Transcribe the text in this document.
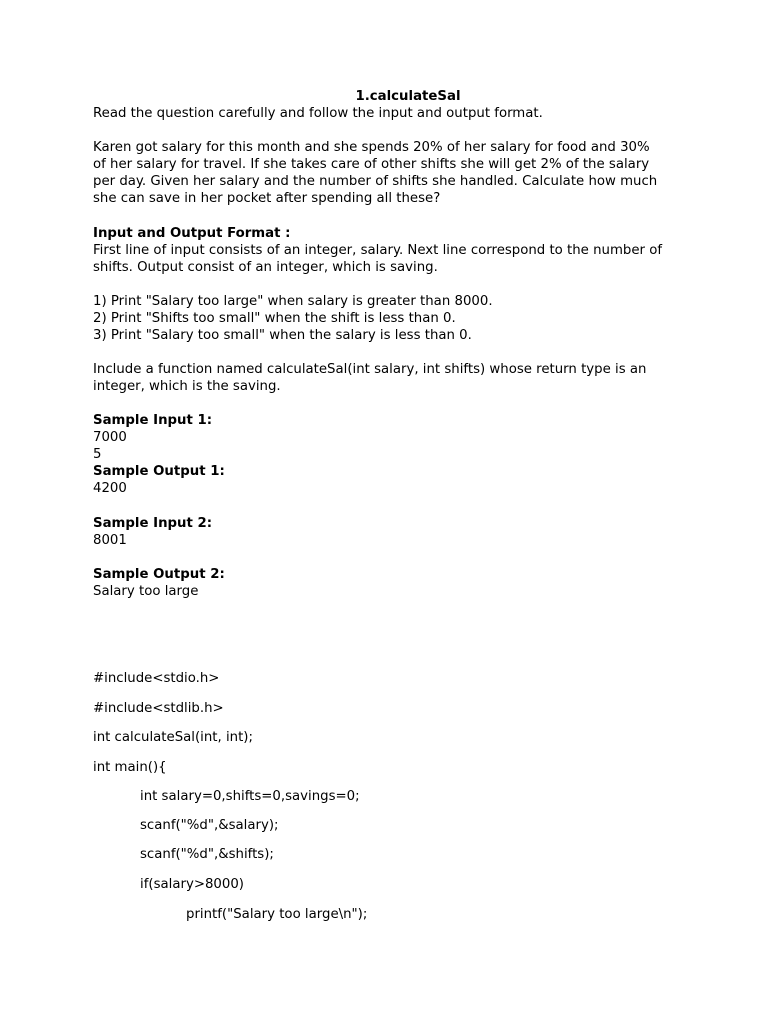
1.calculateSal
Read the question carefully and follow the input and output format.
Karen got salary for this month and she spends 20% of her salary for food and 30%
of her salary for travel. If she takes care of other shifts she will get 2% of the salary
per day. Given her salary and the number of shifts she handled. Calculate how much
she can save in her pocket after spending all these?
Input and Output Format :
First line of input consists of an integer, salary. Next line correspond to the number of
shifts. Output consist of an integer, which is saving.
1) Print "Salary too large" when salary is greater than 8000.
2) Print "Shifts too small" when the shift is less than 0.
3) Print "Salary too small" when the salary is less than 0.
Include a function named calculateSal(int salary, int shifts) whose return type is an
integer, which is the saving.
Sample Input 1:
7000
5
Sample Output 1:
4200
Sample Input 2:
8001
Sample Output 2:
Salary too large
#include<stdio.h>
#include<stdlib.h>
int calculateSal(int, int);
int main(){
int salary=0,shifts=0,savings=0;
scanf("%d",&salary);
scanf("%d",&shifts);
if(salary>8000)
printf("Salary too large\n");
